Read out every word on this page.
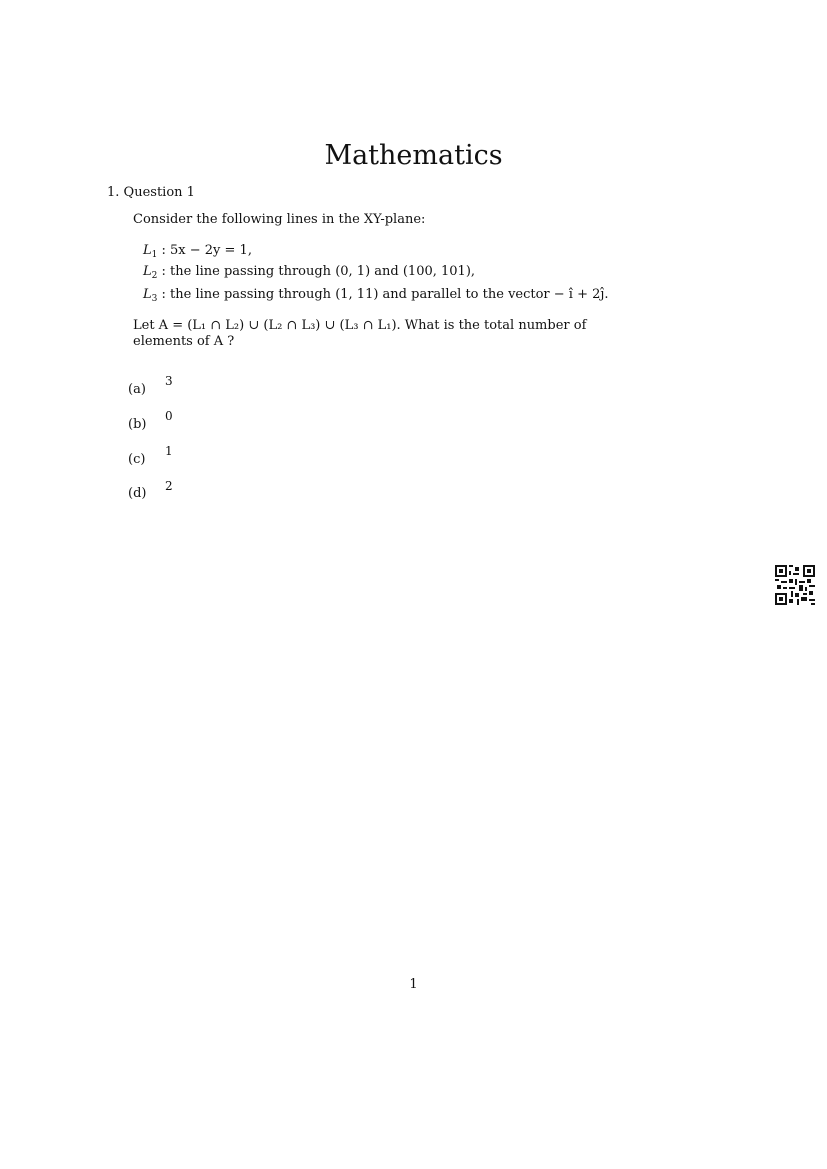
Mathematics
1. Question 1
Consider the following lines in the XY-plane:
$L_1$ : 5x − 2y = 1,
$L_2$ : the line passing through (0, 1) and (100, 101),
$L_3$ : the line passing through (1, 11) and parallel to the vector − î + 2ĵ.
Let A = (L₁ ∩ L₂) ∪ (L₂ ∩ L₃) ∪ (L₃ ∩ L₁). What is the total number of
elements of A ?
(a)
3
(b)
0
(c)
1
(d) 2
1
